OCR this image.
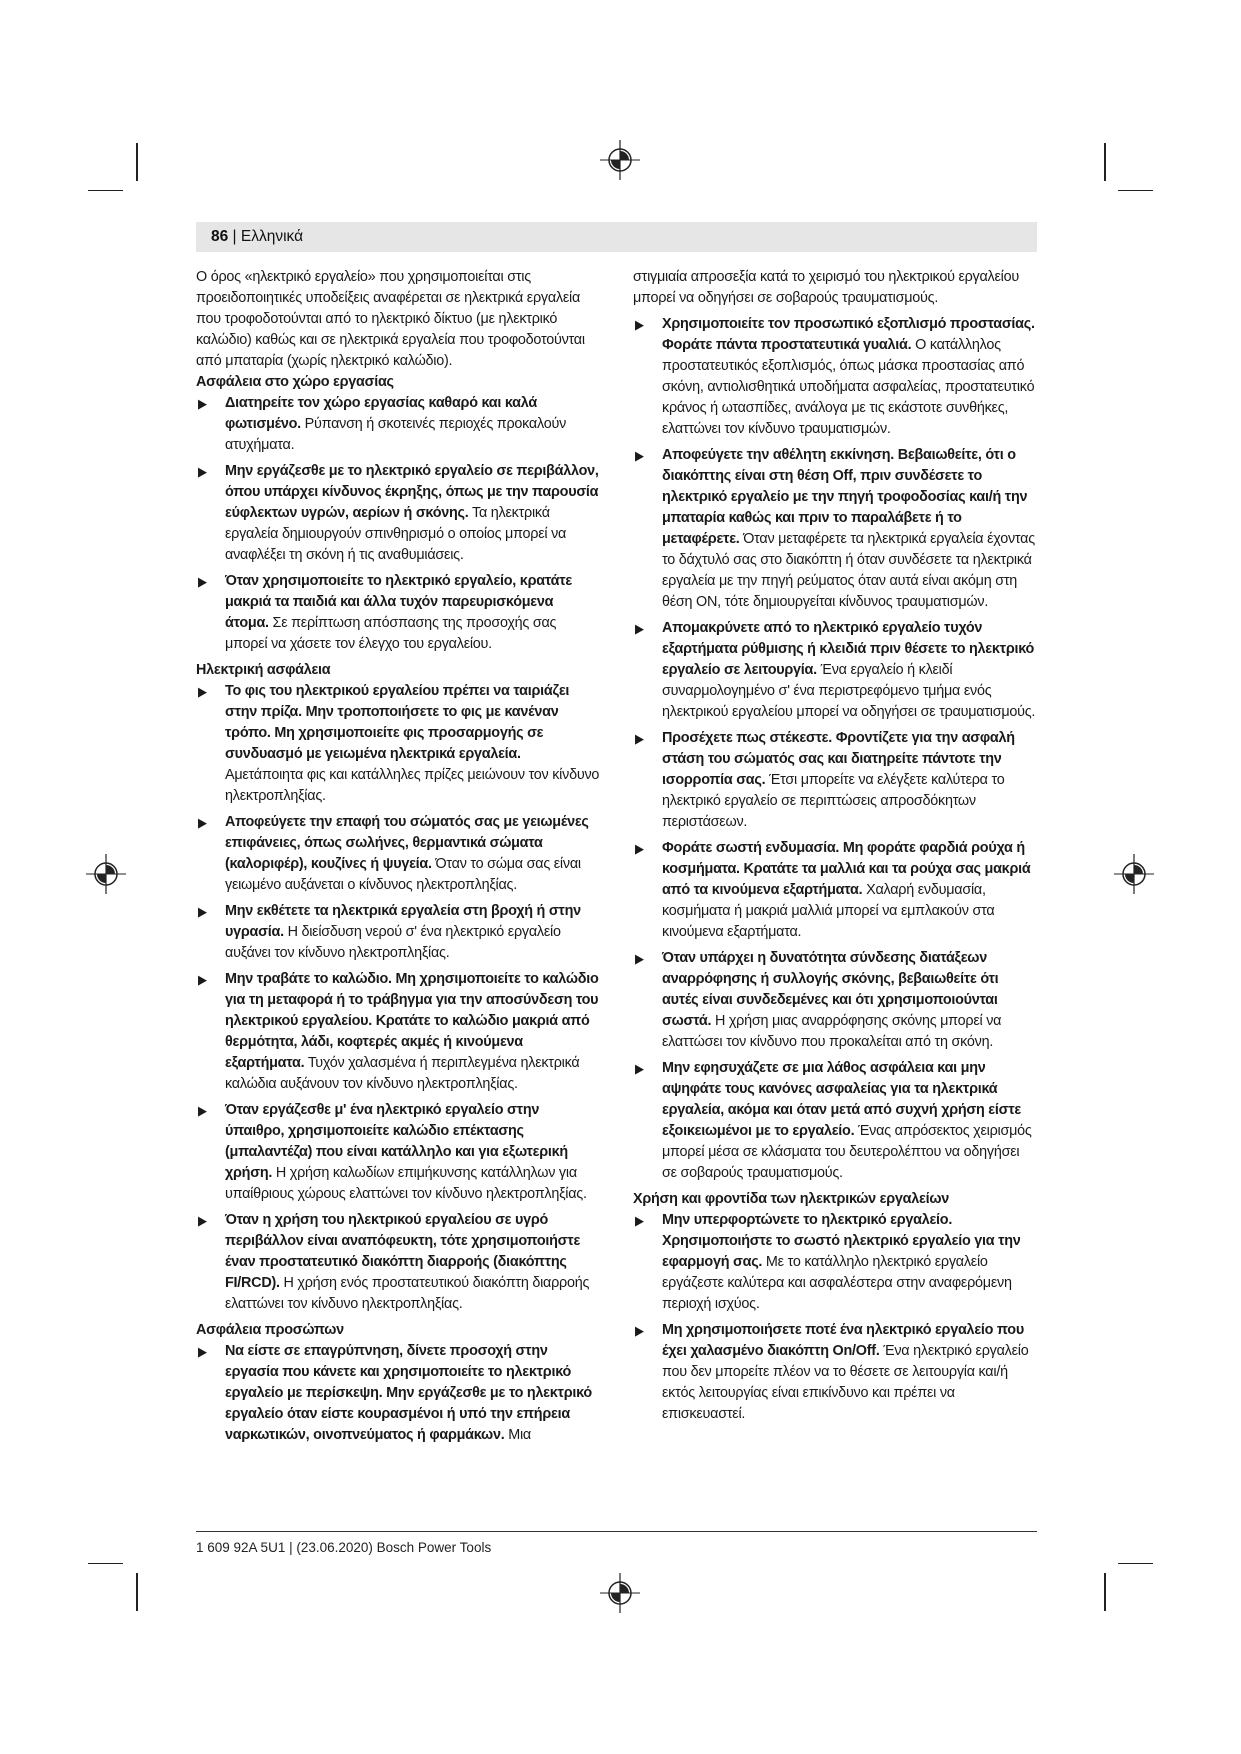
86 | Ελληνικά

Ο όρος «ηλεκτρικό εργαλείο» που χρησιμοποιείται στις προειδοποιητικές υποδείξεις αναφέρεται σε ηλεκτρικά εργαλεία που τροφοδοτούνται από το ηλεκτρικό δίκτυο (με ηλεκτρικό καλώδιο) καθώς και σε ηλεκτρικά εργαλεία που τροφοδοτούνται από μπαταρία (χωρίς ηλεκτρικό καλώδιο).

Ασφάλεια στο χώρο εργασίας

▶ Διατηρείτε τον χώρο εργασίας καθαρό και καλά φωτισμένο. Ρύπανση ή σκοτεινές περιοχές προκαλούν ατυχήματα.
▶ Μην εργάζεσθε με το ηλεκτρικό εργαλείο σε περιβάλλον, όπου υπάρχει κίνδυνος έκρηξης, όπως με την παρουσία εύφλεκτων υγρών, αερίων ή σκόνης. Τα ηλεκτρικά εργαλεία δημιουργούν σπινθηρισμό ο οποίος μπορεί να αναφλέξει τη σκόνη ή τις αναθυμιάσεις.
▶ Όταν χρησιμοποιείτε το ηλεκτρικό εργαλείο, κρατάτε μακριά τα παιδιά και άλλα τυχόν παρευρισκόμενα άτομα. Σε περίπτωση απόσπασης της προσοχής σας μπορεί να χάσετε τον έλεγχο του εργαλείου.

Ηλεκτρική ασφάλεια

▶ Το φις του ηλεκτρικού εργαλείου πρέπει να ταιριάζει στην πρίζα. Μην τροποποιήσετε το φις με κανέναν τρόπο. Μη χρησιμοποιείτε φις προσαρμογής σε συνδυασμό με γειωμένα ηλεκτρικά εργαλεία. Αμετάποιητα φις και κατάλληλες πρίζες μειώνουν τον κίνδυνο ηλεκτροπληξίας.
▶ Αποφεύγετε την επαφή του σώματός σας με γειωμένες επιφάνειες, όπως σωλήνες, θερμαντικά σώματα (καλοριφέρ), κουζίνες ή ψυγεία. Όταν το σώμα σας είναι γειωμένο αυξάνεται ο κίνδυνος ηλεκτροπληξίας.
▶ Μην εκθέτετε τα ηλεκτρικά εργαλεία στη βροχή ή στην υγρασία. Η διείσδυση νερού σ' ένα ηλεκτρικό εργαλείο αυξάνει τον κίνδυνο ηλεκτροπληξίας.
▶ Μην τραβάτε το καλώδιο. Μη χρησιμοποιείτε το καλώδιο για τη μεταφορά ή το τράβηγμα για την αποσύνδεση του ηλεκτρικού εργαλείου. Κρατάτε το καλώδιο μακριά από θερμότητα, λάδι, κοφτερές ακμές ή κινούμενα εξαρτήματα. Τυχόν χαλασμένα ή περιπλεγμένα ηλεκτρικά καλώδια αυξάνουν τον κίνδυνο ηλεκτροπληξίας.
▶ Όταν εργάζεσθε μ' ένα ηλεκτρικό εργαλείο στην ύπαιθρο, χρησιμοποιείτε καλώδιο επέκτασης (μπαλαντέζα) που είναι κατάλληλο και για εξωτερική χρήση. Η χρήση καλωδίων επιμήκυνσης κατάλληλων για υπαίθριους χώρους ελαττώνει τον κίνδυνο ηλεκτροπληξίας.
▶ Όταν η χρήση του ηλεκτρικού εργαλείου σε υγρό περιβάλλον είναι αναπόφευκτη, τότε χρησιμοποιήστε έναν προστατευτικό διακόπτη διαρροής (διακόπτης FI/RCD). Η χρήση ενός προστατευτικού διακόπτη διαρροής ελαττώνει τον κίνδυνο ηλεκτροπληξίας.

Ασφάλεια προσώπων

▶ Να είστε σε επαγρύπνηση, δίνετε προσοχή στην εργασία που κάνετε και χρησιμοποιείτε το ηλεκτρικό εργαλείο με περίσκεψη. Μην εργάζεσθε με το ηλεκτρικό εργαλείο όταν είστε κουρασμένοι ή υπό την επήρεια ναρκωτικών, οινοπνεύματος ή φαρμάκων. Μια

στιγμιαία απροσεξία κατά το χειρισμό του ηλεκτρικού εργαλείου μπορεί να οδηγήσει σε σοβαρούς τραυματισμούς.

▶ Χρησιμοποιείτε τον προσωπικό εξοπλισμό προστασίας. Φοράτε πάντα προστατευτικά γυαλιά. Ο κατάλληλος προστατευτικός εξοπλισμός, όπως μάσκα προστασίας από σκόνη, αντιολισθητικά υποδήματα ασφαλείας, προστατευτικό κράνος ή ωτασπίδες, ανάλογα με τις εκάστοτε συνθήκες, ελαττώνει τον κίνδυνο τραυματισμών.
▶ Αποφεύγετε την αθέλητη εκκίνηση. Βεβαιωθείτε, ότι ο διακόπτης είναι στη θέση Off, πριν συνδέσετε το ηλεκτρικό εργαλείο με την πηγή τροφοδοσίας και/ή την μπαταρία καθώς και πριν το παραλάβετε ή το μεταφέρετε. Όταν μεταφέρετε τα ηλεκτρικά εργαλεία έχοντας το δάχτυλό σας στο διακόπτη ή όταν συνδέσετε τα ηλεκτρικά εργαλεία με την πηγή ρεύματος όταν αυτά είναι ακόμη στη θέση ON, τότε δημιουργείται κίνδυνος τραυματισμών.
▶ Απομακρύνετε από το ηλεκτρικό εργαλείο τυχόν εξαρτήματα ρύθμισης ή κλειδιά πριν θέσετε το ηλεκτρικό εργαλείο σε λειτουργία. Ένα εργαλείο ή κλειδί συναρμολογημένο σ' ένα περιστρεφόμενο τμήμα ενός ηλεκτρικού εργαλείου μπορεί να οδηγήσει σε τραυματισμούς.
▶ Προσέχετε πως στέκεστε. Φροντίζετε για την ασφαλή στάση του σώματός σας και διατηρείτε πάντοτε την ισορροπία σας. Έτσι μπορείτε να ελέγξετε καλύτερα το ηλεκτρικό εργαλείο σε περιπτώσεις απροσδόκητων περιστάσεων.
▶ Φοράτε σωστή ενδυμασία. Μη φοράτε φαρδιά ρούχα ή κοσμήματα. Κρατάτε τα μαλλιά και τα ρούχα σας μακριά από τα κινούμενα εξαρτήματα. Χαλαρή ενδυμασία, κοσμήματα ή μακριά μαλλιά μπορεί να εμπλακούν στα κινούμενα εξαρτήματα.
▶ Όταν υπάρχει η δυνατότητα σύνδεσης διατάξεων αναρρόφησης ή συλλογής σκόνης, βεβαιωθείτε ότι αυτές είναι συνδεδεμένες και ότι χρησιμοποιούνται σωστά. Η χρήση μιας αναρρόφησης σκόνης μπορεί να ελαττώσει τον κίνδυνο που προκαλείται από τη σκόνη.
▶ Μην εφησυχάζετε σε μια λάθος ασφάλεια και μην αψηφάτε τους κανόνες ασφαλείας για τα ηλεκτρικά εργαλεία, ακόμα και όταν μετά από συχνή χρήση είστε εξοικειωμένοι με το εργαλείο. Ένας απρόσεκτος χειρισμός μπορεί μέσα σε κλάσματα του δευτερολέπτου να οδηγήσει σε σοβαρούς τραυματισμούς.

Χρήση και φροντίδα των ηλεκτρικών εργαλείων

▶ Μην υπερφορτώνετε το ηλεκτρικό εργαλείο. Χρησιμοποιήστε το σωστό ηλεκτρικό εργαλείο για την εφαρμογή σας. Με το κατάλληλο ηλεκτρικό εργαλείο εργάζεστε καλύτερα και ασφαλέστερα στην αναφερόμενη περιοχή ισχύος.
▶ Μη χρησιμοποιήσετε ποτέ ένα ηλεκτρικό εργαλείο που έχει χαλασμένο διακόπτη On/Off. Ένα ηλεκτρικό εργαλείο που δεν μπορείτε πλέον να το θέσετε σε λειτουργία και/ή εκτός λειτουργίας είναι επικίνδυνο και πρέπει να επισκευαστεί.
1 609 92A 5U1 | (23.06.2020) Bosch Power Tools
